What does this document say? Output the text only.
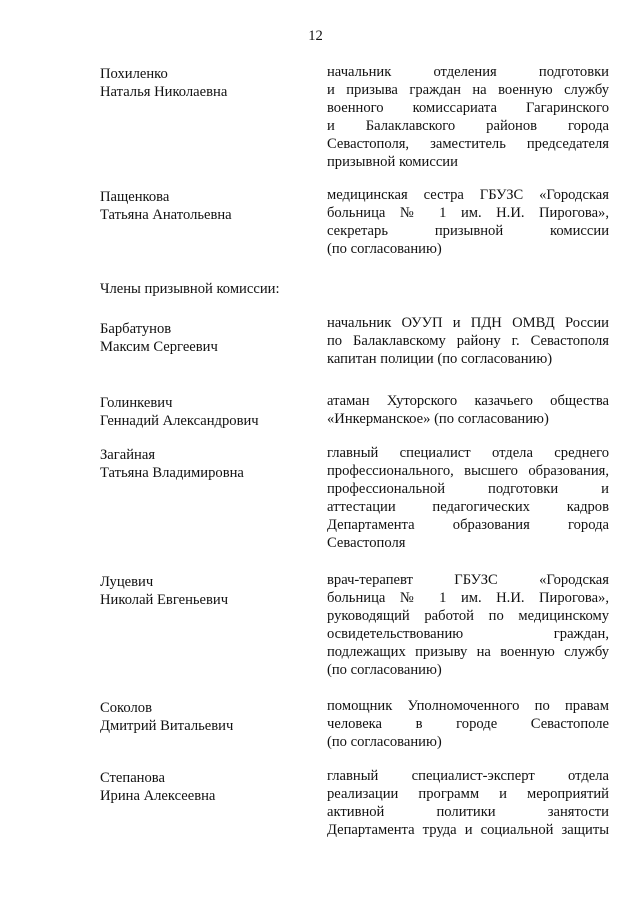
12
Похиленко
Наталья Николаевна
начальник отделения подготовки
и призыва граждан на военную службу
военного комиссариата Гагаринского
и Балаклавского районов города
Севастополя, заместитель председателя
призывной комиссии
Пащенкова
Татьяна Анатольевна
медицинская сестра ГБУЗС «Городская
больница № 1 им. Н.И. Пирогова»,
секретарь призывной комиссии
(по согласованию)
Члены призывной комиссии:
Барбатунов
Максим Сергеевич
начальник ОУУП и ПДН ОМВД России
по Балаклавскому району г. Севастополя
капитан полиции (по согласованию)
Голинкевич
Геннадий Александрович
атаман Хуторского казачьего общества
«Инкерманское» (по согласованию)
Загайная
Татьяна Владимировна
главный специалист отдела среднего
профессионального, высшего образования,
профессиональной подготовки и
аттестации педагогических кадров
Департамента образования города
Севастополя
Луцевич
Николай Евгеньевич
врач-терапевт ГБУЗС «Городская
больница № 1 им. Н.И. Пирогова»,
руководящий работой по медицинскому
освидетельствованию граждан,
подлежащих призыву на военную службу
(по согласованию)
Соколов
Дмитрий Витальевич
помощник Уполномоченного по правам
человека в городе Севастополе
(по согласованию)
Степанова
Ирина Алексеевна
главный специалист-эксперт отдела
реализации программ и мероприятий
активной политики занятости
Департамента труда и социальной защиты
